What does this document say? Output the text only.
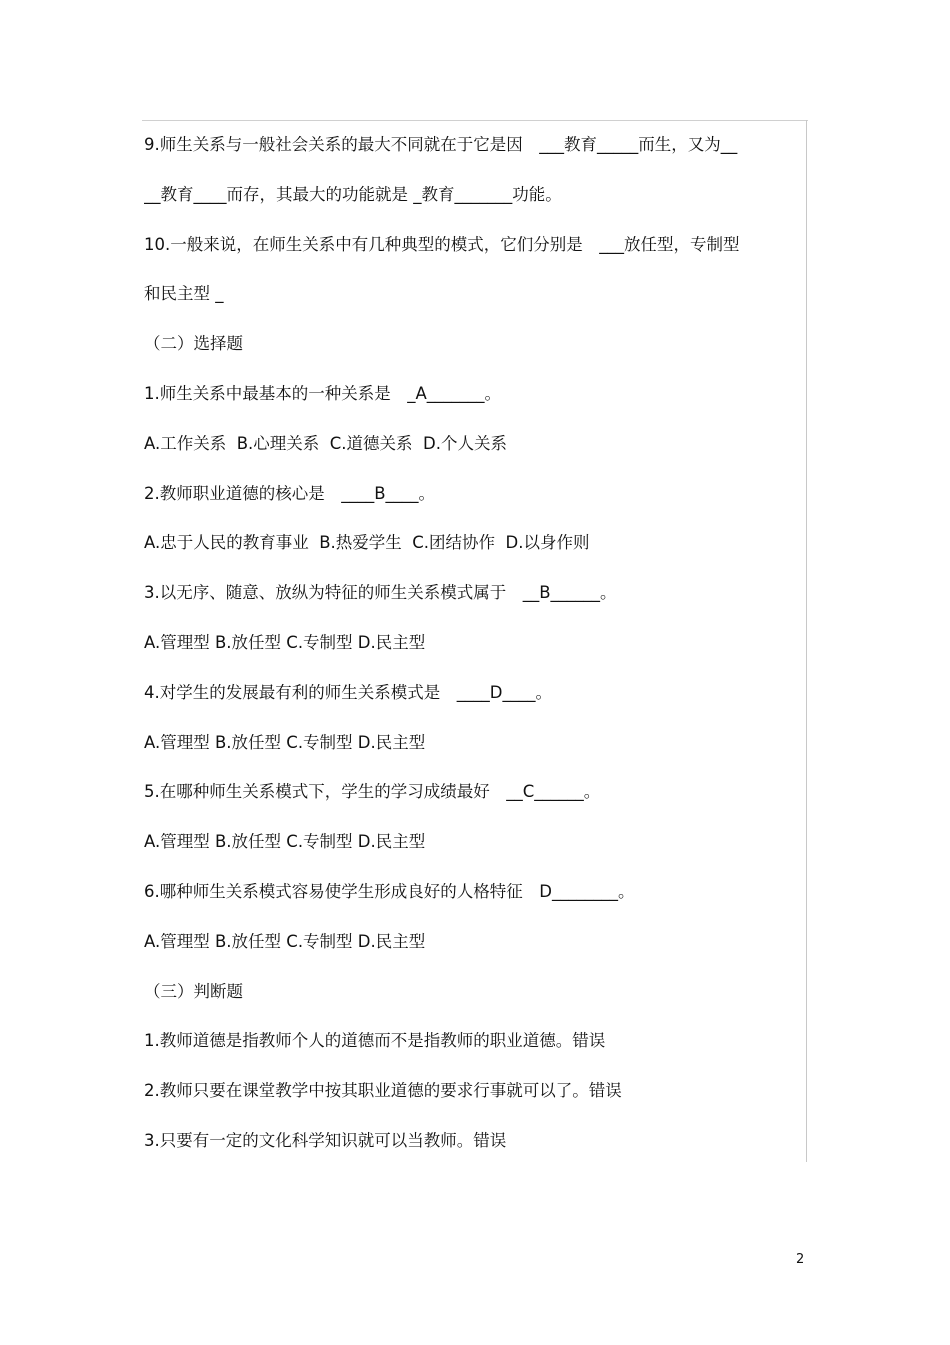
9.师生关系与一般社会关系的最大不同就在于它是因　___教育_____而生，又为__
__教育____而存，其最大的功能就是 _教育_______功能。
10.一般来说，在师生关系中有几种典型的模式，它们分别是　___放任型，专制型
和民主型 _
（二）选择题
1.师生关系中最基本的一种关系是　_A_______。
A.工作关系  B.心理关系  C.道德关系  D.个人关系
2.教师职业道德的核心是　____B____。
A.忠于人民的教育事业  B.热爱学生  C.团结协作  D.以身作则
3.以无序、随意、放纵为特征的师生关系模式属于　__B______。
A.管理型 B.放任型 C.专制型 D.民主型
4.对学生的发展最有利的师生关系模式是　____D____。
A.管理型 B.放任型 C.专制型 D.民主型
5.在哪种师生关系模式下，学生的学习成绩最好　__C______。
A.管理型 B.放任型 C.专制型 D.民主型
6.哪种师生关系模式容易使学生形成良好的人格特征　D________。
A.管理型 B.放任型 C.专制型 D.民主型
（三）判断题
1.教师道德是指教师个人的道德而不是指教师的职业道德。错误
2.教师只要在课堂教学中按其职业道德的要求行事就可以了。错误
3.只要有一定的文化科学知识就可以当教师。错误
2
